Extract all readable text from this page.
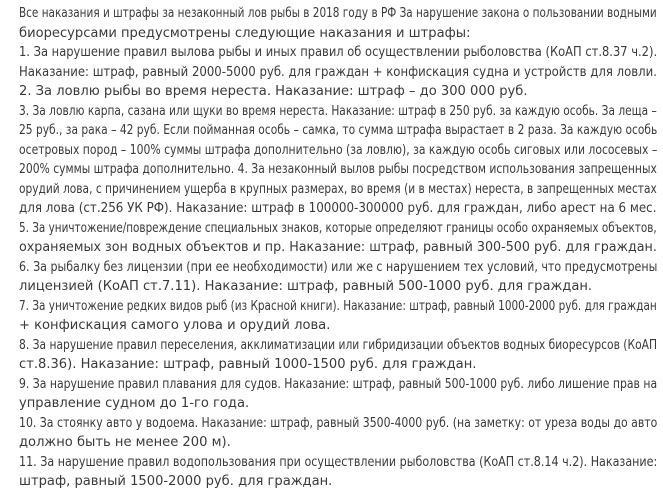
Все наказания и штрафы за незаконный лов рыбы в 2018 году в РФ За нарушение закона о пользовании водными
биоресурсами предусмотрены следующие наказания и штрафы:
1. За нарушение правил вылова рыбы и иных правил об осуществлении рыболовства (КоАП ст.8.37 ч.2).
Наказание: штраф, равный 2000-5000 руб. для граждан + конфискация судна и устройств для ловли.
2. За ловлю рыбы во время нереста. Наказание: штраф – до 300 000 руб.
3. За ловлю карпа, сазана или щуки во время нереста. Наказание: штраф в 250 руб. за каждую особь. За леща –
25 руб., за рака – 42 руб. Если пойманная особь – самка, то сумма штрафа вырастает в 2 раза. За каждую особь
осетровых пород – 100% суммы штрафа дополнительно (за ловлю), за каждую особь сиговых или лососевых –
200% суммы штрафа дополнительно. 4. За незаконный вылов рыбы посредством использования запрещенных
орудий лова, с причинением ущерба в крупных размерах, во время (и в местах) нереста, в запрещенных местах
для лова (ст.256 УК РФ). Наказание: штраф в 100000-300000 руб. для граждан, либо арест на 6 мес.
5. За уничтожение/повреждение специальных знаков, которые определяют границы особо охраняемых объектов,
охраняемых зон водных объектов и пр. Наказание: штраф, равный 300-500 руб. для граждан.
6. За рыбалку без лицензии (при ее необходимости) или же с нарушением тех условий, что предусмотрены
лицензией (КоАП ст.7.11). Наказание: штраф, равный 500-1000 руб. для граждан.
7. За уничтожение редких видов рыб (из Красной книги). Наказание: штраф, равный 1000-2000 руб. для граждан
+ конфискация самого улова и орудий лова.
8. За нарушение правил переселения, акклиматизации или гибридизации объектов водных биоресурсов (КоАП
ст.8.36). Наказание: штраф, равный 1000-1500 руб. для граждан.
9. За нарушение правил плавания для судов. Наказание: штраф, равный 500-1000 руб. либо лишение прав на
управление судном до 1-го года.
10. За стоянку авто у водоема. Наказание: штраф, равный 3500-4000 руб. (на заметку: от уреза воды до авто
должно быть не менее 200 м).
11. За нарушение правил водопользования при осуществлении рыболовства (КоАП ст.8.14 ч.2). Наказание:
штраф, равный 1500-2000 руб. для граждан.
